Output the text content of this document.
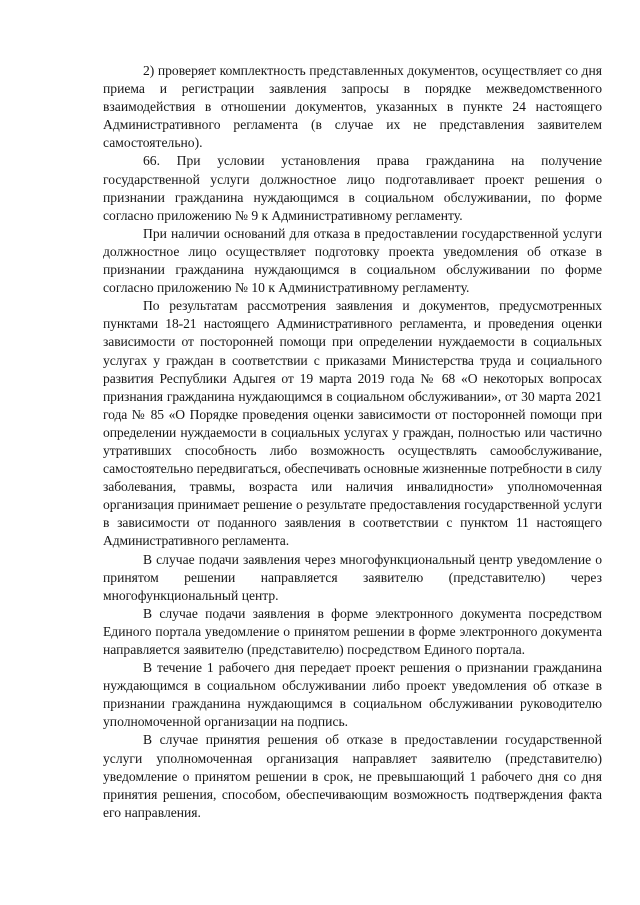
2) проверяет комплектность представленных документов, осуществляет со дня приема и регистрации заявления запросы в порядке межведомственного взаимодействия в отношении документов, указанных в пункте 24 настоящего Административного регламента (в случае их не представления заявителем самостоятельно).

66. При условии установления права гражданина на получение государственной услуги должностное лицо подготавливает проект решения о признании гражданина нуждающимся в социальном обслуживании, по форме согласно приложению № 9 к Административному регламенту.

При наличии оснований для отказа в предоставлении государственной услуги должностное лицо осуществляет подготовку проекта уведомления об отказе в признании гражданина нуждающимся в социальном обслуживании по форме согласно приложению № 10 к Административному регламенту.

По результатам рассмотрения заявления и документов, предусмотренных пунктами 18-21 настоящего Административного регламента, и проведения оценки зависимости от посторонней помощи при определении нуждаемости в социальных услугах у граждан в соответствии с приказами Министерства труда и социального развития Республики Адыгея от 19 марта 2019 года № 68 «О некоторых вопросах признания гражданина нуждающимся в социальном обслуживании», от 30 марта 2021 года № 85 «О Порядке проведения оценки зависимости от посторонней помощи при определении нуждаемости в социальных услугах у граждан, полностью или частично утративших способность либо возможность осуществлять самообслуживание, самостоятельно передвигаться, обеспечивать основные жизненные потребности в силу заболевания, травмы, возраста или наличия инвалидности» уполномоченная организация принимает решение о результате предоставления государственной услуги в зависимости от поданного заявления в соответствии с пунктом 11 настоящего Административного регламента.

В случае подачи заявления через многофункциональный центр уведомление о принятом решении направляется заявителю (представителю) через многофункциональный центр.

В случае подачи заявления в форме электронного документа посредством Единого портала уведомление о принятом решении в форме электронного документа направляется заявителю (представителю) посредством Единого портала.

В течение 1 рабочего дня передает проект решения о признании гражданина нуждающимся в социальном обслуживании либо проект уведомления об отказе в признании гражданина нуждающимся в социальном обслуживании руководителю уполномоченной организации на подпись.

В случае принятия решения об отказе в предоставлении государственной услуги уполномоченная организация направляет заявителю (представителю) уведомление о принятом решении в срок, не превышающий 1 рабочего дня со дня принятия решения, способом, обеспечивающим возможность подтверждения факта его направления.
